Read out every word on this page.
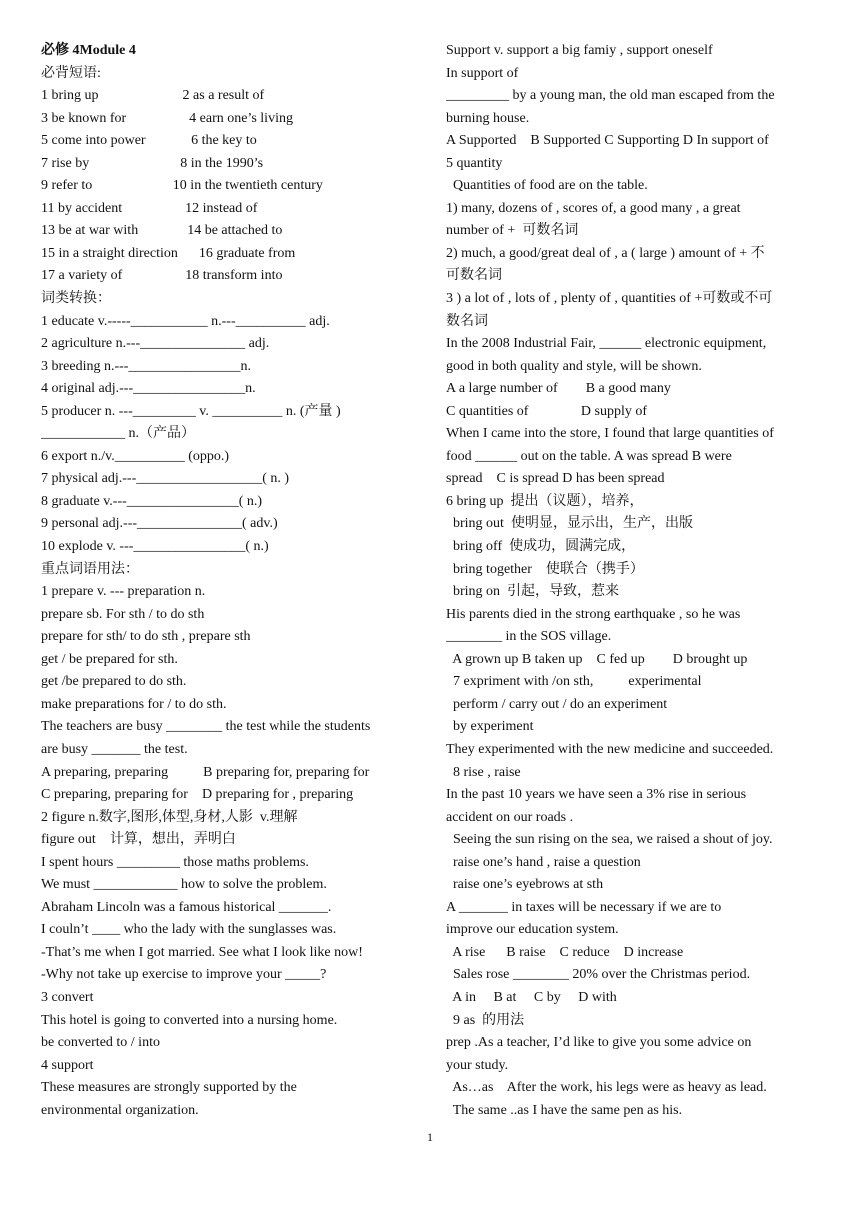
必修 4Module 4
必背短语:
1 bring up                        2 as a result of
3 be known for                  4 earn one’s living
5 come into power             6 the key to
7 rise by                          8 in the 1990’s
9 refer to                       10 in the twentieth century
11 by accident                  12 instead of
13 be at war with              14 be attached to
15 in a straight direction      16 graduate from
17 a variety of                  18 transform into
词类转换：
1 educate v.-----___________ n.---__________ adj.
2 agriculture n.---_______________ adj.
3 breeding n.---________________n.
4 original adj.---________________n.
5 producer n. ---_________ v. __________ n. (产量 )
____________ n.（产品）
6 export n./v.__________ (oppo.)
7 physical adj.---__________________( n. )
8 graduate v.---________________( n.)
9 personal adj.---_______________( adv.)
10 explode v. ---________________( n.)
重点词语用法：
1 prepare v. --- preparation n.
prepare sb. For sth / to do sth
prepare for sth/ to do sth , prepare sth
get / be prepared for sth.
get /be prepared to do sth.
make preparations for / to do sth.
The teachers are busy ________ the test while the students
are busy _______ the test.
A preparing, preparing          B preparing for, preparing for
C preparing, preparing for    D preparing for , preparing
2 figure n.数字,图形,体型,身材,人影  v.理解
figure out    计算，想出，弄明白
I spent hours _________ those maths problems.
We must ____________ how to solve the problem.
Abraham Lincoln was a famous historical _______.
I couln’t ____ who the lady with the sunglasses was.
-That’s me when I got married. See what I look like now!
-Why not take up exercise to improve your _____?
3 convert
This hotel is going to converted into a nursing home.
be converted to / into
4 support
These measures are strongly supported by the
environmental organization.
Support v. support a big famiy , support oneself
In support of
_________ by a young man, the old man escaped from the
burning house.
A Supported    B Supported C Supporting D In support of
5 quantity
Quantities of food are on the table.
1) many, dozens of , scores of, a good many , a great
number of +  可数名词
2) much, a good/great deal of , a ( large ) amount of + 不
可数名词
3 ) a lot of , lots of , plenty of , quantities of +可数或不可
数名词
In the 2008 Industrial Fair, ______ electronic equipment,
good in both quality and style, will be shown.
A a large number of        B a good many
C quantities of               D supply of
When I came into the store, I found that large quantities of
food ______ out on the table. A was spread B were
spread    C is spread D has been spread
6 bring up  提出（议题），培养，
bring out  使明显，显示出，生产，出版
bring off  使成功，圆满完成，
bring together    使联合（携手）
bring on  引起，导致，惹来
His parents died in the strong earthquake , so he was
________ in the SOS village.
A grown up B taken up    C fed up        D brought up
7 expriment with /on sth,          experimental
perform / carry out / do an experiment
by experiment
They experimented with the new medicine and succeeded.
8 rise , raise
In the past 10 years we have seen a 3% rise in serious
accident on our roads .
Seeing the sun rising on the sea, we raised a shout of joy.
raise one’s hand , raise a question
raise one’s eyebrows at sth
A _______ in taxes will be necessary if we are to
improve our education system.
A rise      B raise    C reduce    D increase
Sales rose ________ 20% over the Christmas period.
A in     B at     C by     D with
9 as  的用法
prep .As a teacher, I’d like to give you some advice on
your study.
As…as    After the work, his legs were as heavy as lead.
The same ..as I have the same pen as his.
1
